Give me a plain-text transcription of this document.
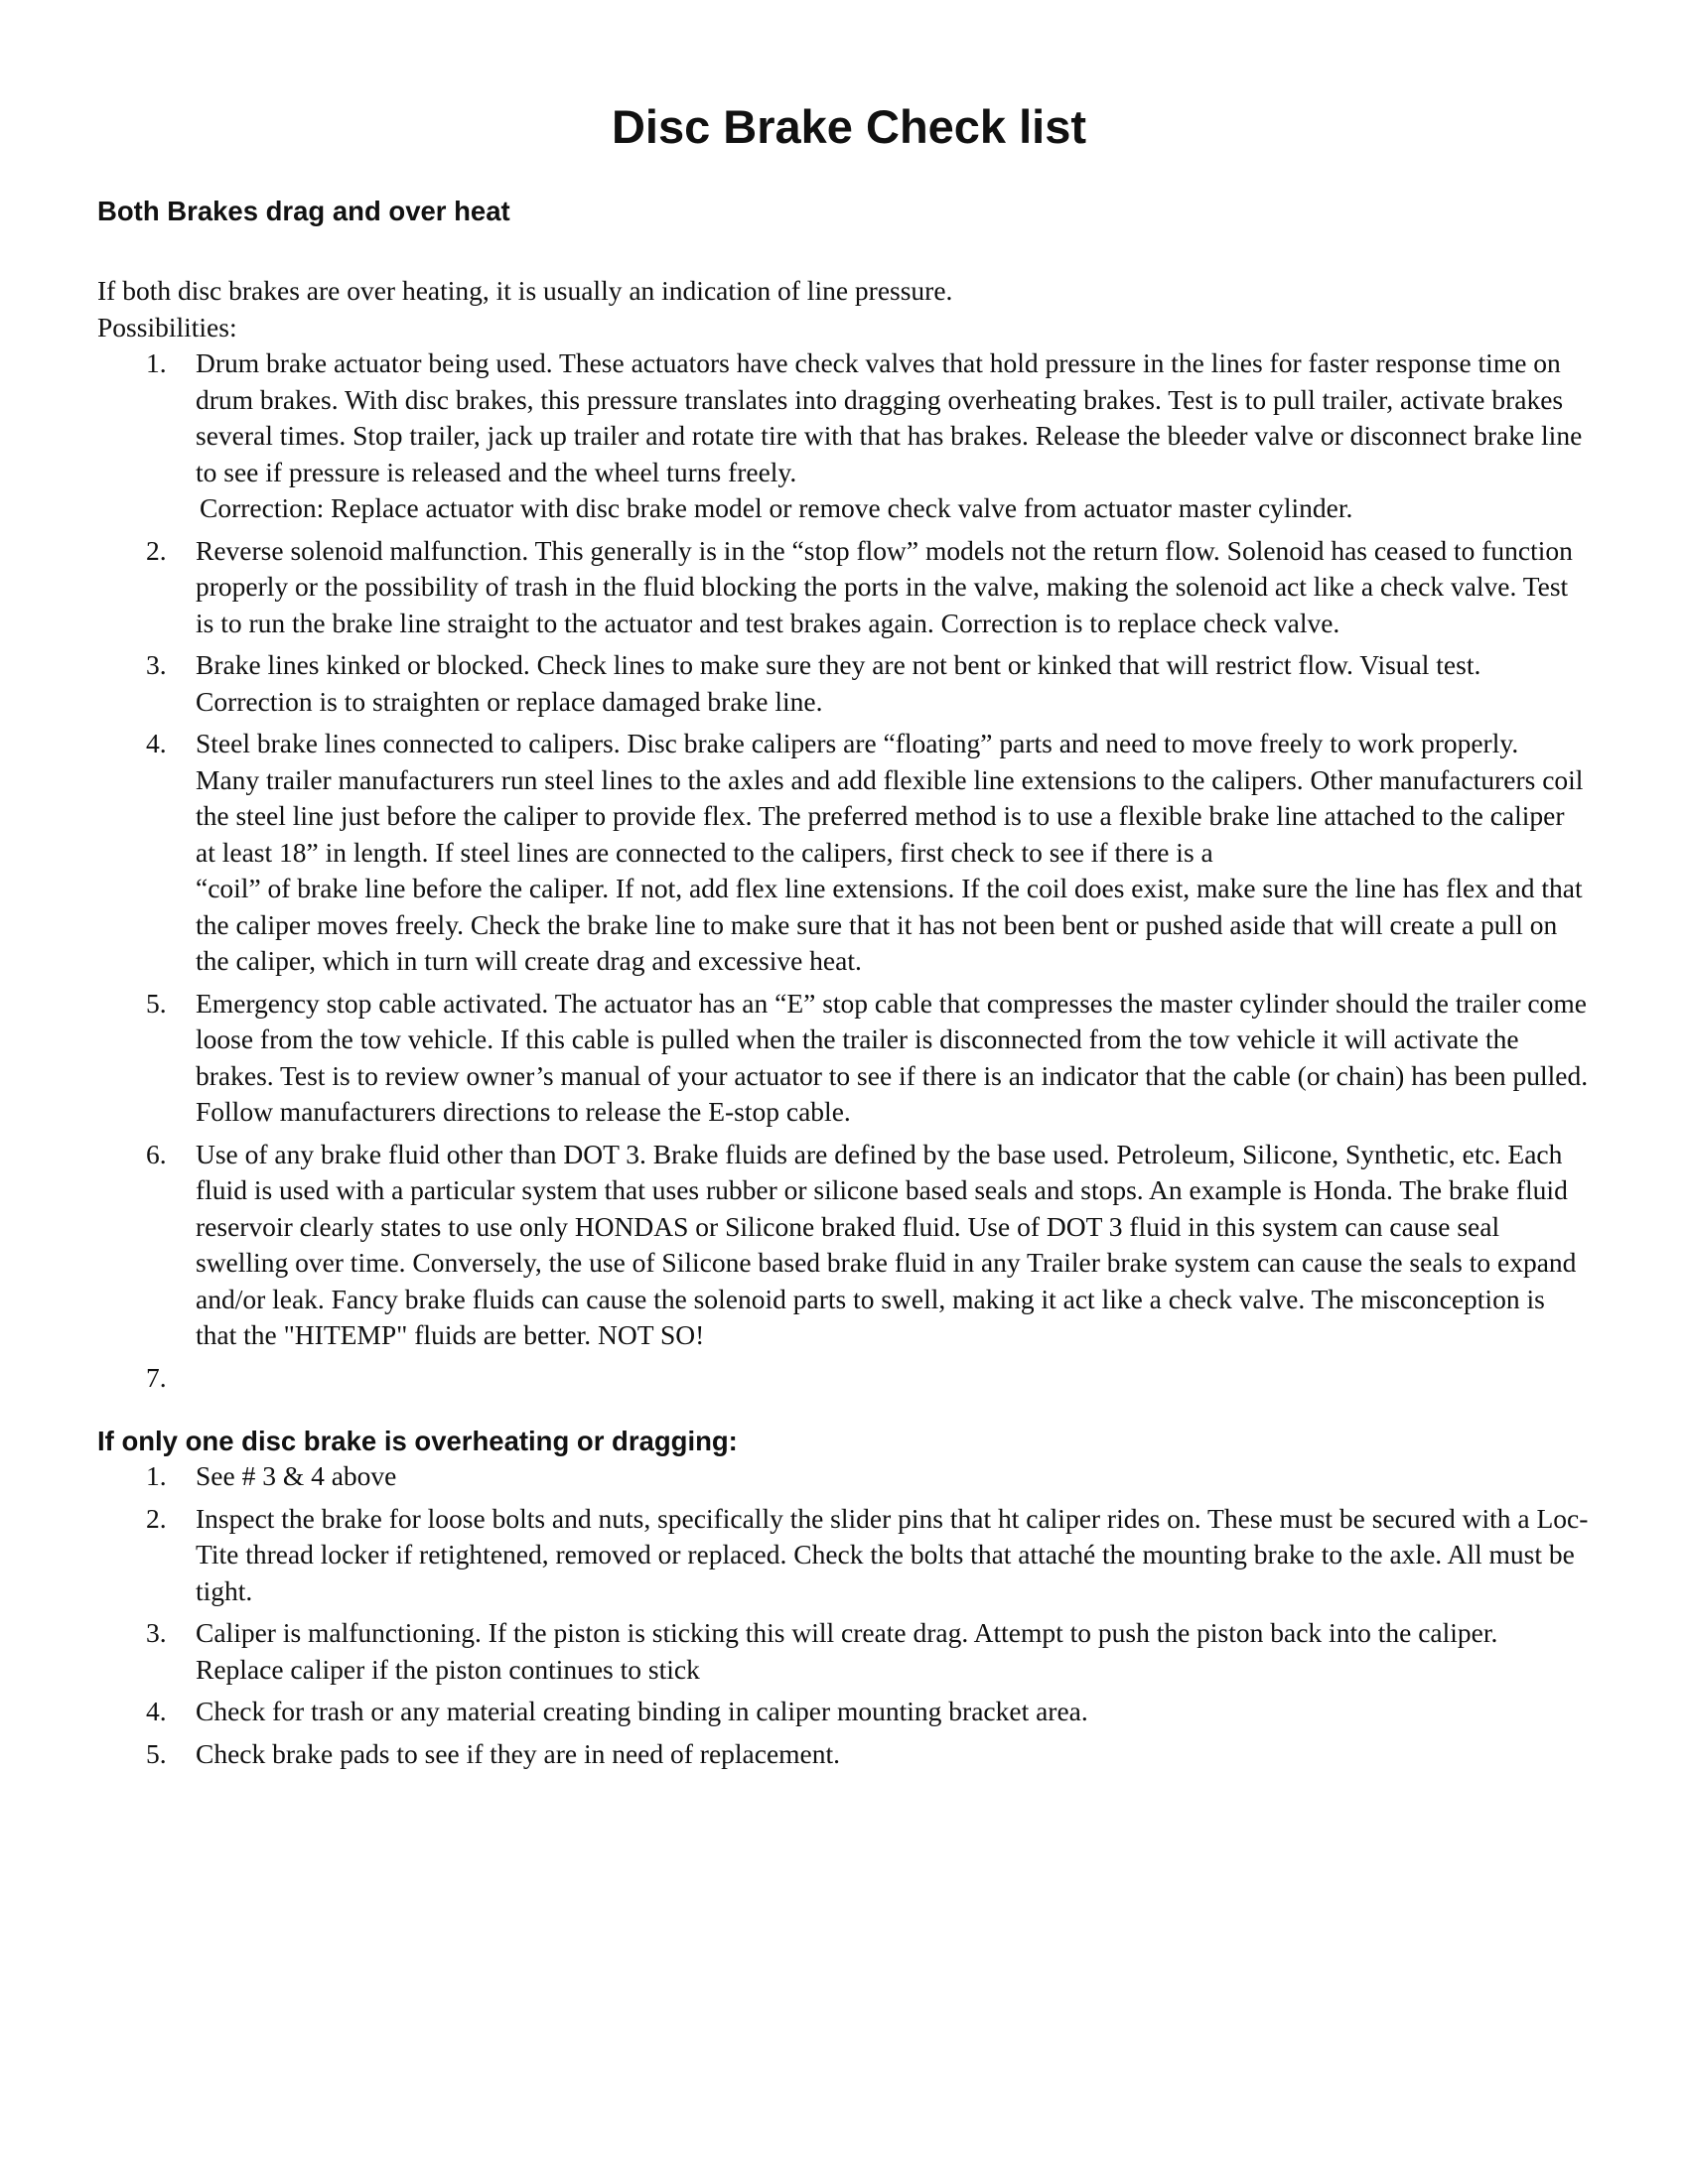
Disc Brake Check list
Both Brakes drag and over heat

If both disc brakes are over heating, it is usually an indication of line pressure.

Possibilities:

1. Drum brake actuator being used. These actuators have check valves that hold pressure in the lines for faster response time on drum brakes. With disc brakes, this pressure translates into dragging overheating brakes. Test is to pull trailer, activate brakes several times. Stop trailer, jack up trailer and rotate tire with that has brakes. Release the bleeder valve or disconnect brake line to see if pressure is released and the wheel turns freely.
Correction: Replace actuator with disc brake model or remove check valve from actuator master cylinder.
2. Reverse solenoid malfunction. This generally is in the “stop flow” models not the return flow. Solenoid has ceased to function properly or the possibility of trash in the fluid blocking the ports in the valve, making the solenoid act like a check valve. Test is to run the brake line straight to the actuator and test brakes again. Correction is to replace check valve.
3. Brake lines kinked or blocked. Check lines to make sure they are not bent or kinked that will restrict flow. Visual test. Correction is to straighten or replace damaged brake line.
4. Steel brake lines connected to calipers. Disc brake calipers are “floating” parts and need to move freely to work properly. Many trailer manufacturers run steel lines to the axles and add flexible line extensions to the calipers. Other manufacturers coil the steel line just before the caliper to provide flex. The preferred method is to use a flexible brake line attached to the caliper at least 18” in length. If steel lines are connected to the calipers, first check to see if there is a
“coil” of brake line before the caliper. If not, add flex line extensions. If the coil does exist, make sure the line has flex and that the caliper moves freely. Check the brake line to make sure that it has not been bent or pushed aside that will create a pull on the caliper, which in turn will create drag and excessive heat.
5. Emergency stop cable activated. The actuator has an “E” stop cable that compresses the master cylinder should the trailer come loose from the tow vehicle. If this cable is pulled when the trailer is disconnected from the tow vehicle it will activate the brakes. Test is to review owner’s manual of your actuator to see if there is an indicator that the cable (or chain) has been pulled. Follow manufacturers directions to release the E-stop cable.
6. Use of any brake fluid other than DOT 3. Brake fluids are defined by the base used. Petroleum, Silicone, Synthetic, etc. Each fluid is used with a particular system that uses rubber or silicone based seals and stops. An example is Honda. The brake fluid reservoir clearly states to use only HONDAS or Silicone braked fluid. Use of DOT 3 fluid in this system can cause seal swelling over time. Conversely, the use of Silicone based brake fluid in any Trailer brake system can cause the seals to expand and/or leak. Fancy brake fluids can cause the solenoid parts to swell, making it act like a check valve. The misconception is that the "HITEMP" fluids are better. NOT SO!
7.
If only one disc brake is overheating or dragging:
1. See # 3 & 4 above
2. Inspect the brake for loose bolts and nuts, specifically the slider pins that ht caliper rides on. These must be secured with a Loc-Tite thread locker if retightened, removed or replaced. Check the bolts that attaché the mounting brake to the axle. All must be tight.
3. Caliper is malfunctioning. If the piston is sticking this will create drag. Attempt to push the piston back into the caliper. Replace caliper if the piston continues to stick
4. Check for trash or any material creating binding in caliper mounting bracket area.
5. Check brake pads to see if they are in need of replacement.
